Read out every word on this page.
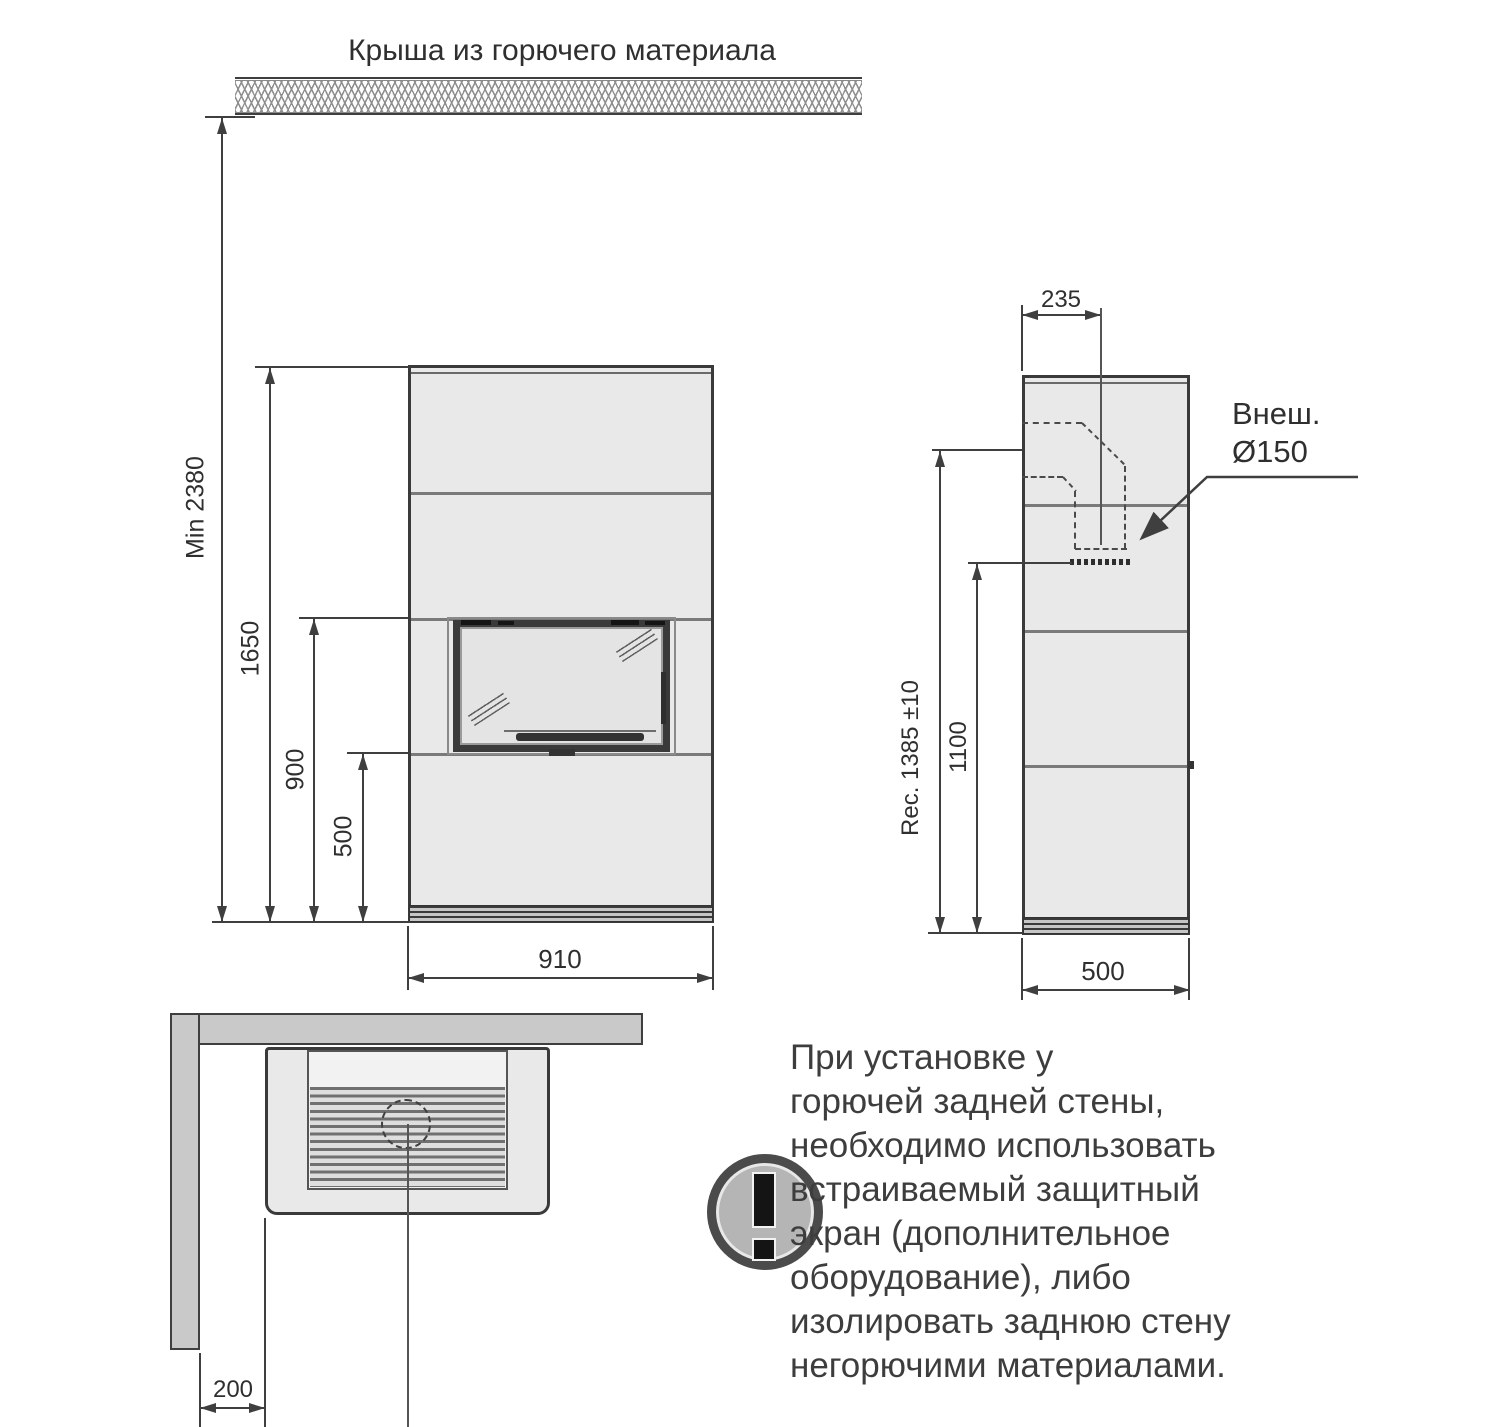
Крыша из горючего материала
Min 2380
1650
900
500
910
235
Внеш.
Ø150
Rec. 1385 ±10 1100
500
200
При установке у
горючей задней стены,
необходимо использовать
встраиваемый защитный
экран (дополнительное
оборудование), либо
изолировать заднюю стену
негорючими материалами.
